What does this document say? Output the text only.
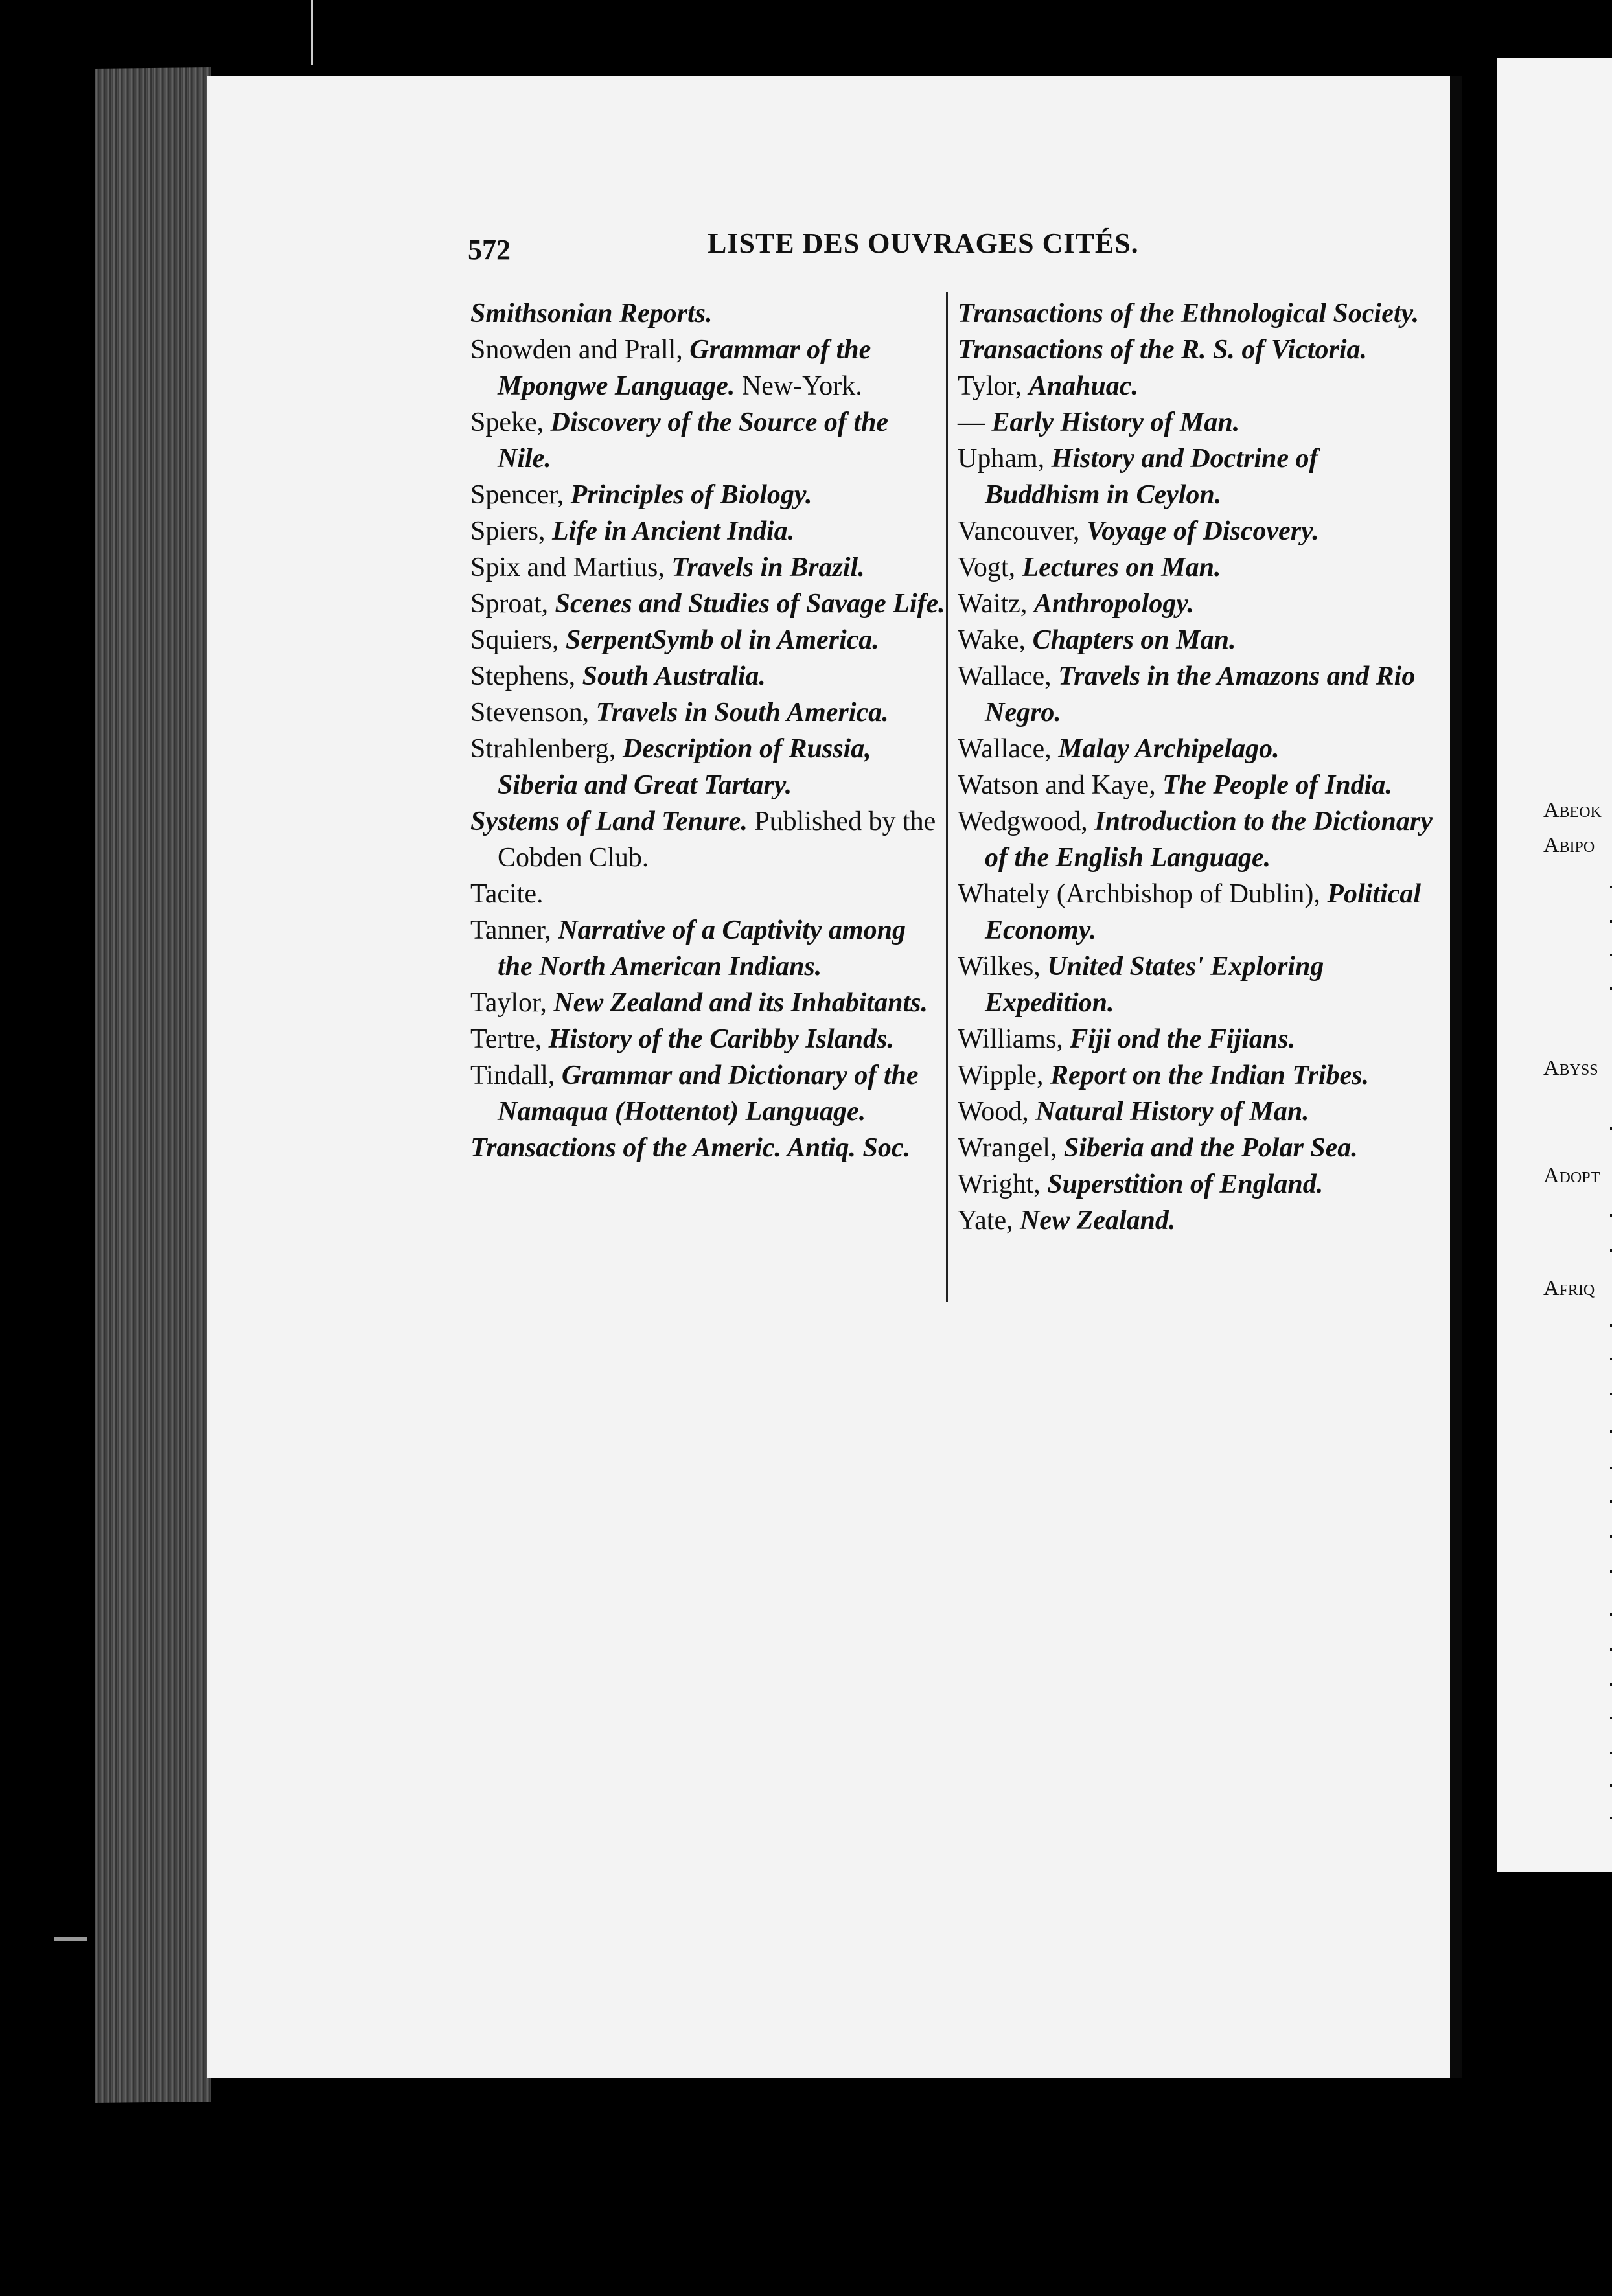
Abeok
Abipo
Abyss
Adopt
Afriq
572	LISTE DES OUVRAGES CITÉS.

Smithsonian Reports.

Snowden and Prall, Grammar of the Mpongwe Language. New-York.

Speke, Discovery of the Source of the Nile.

Spencer, Principles of Biology.

Spiers, Life in Ancient India.

Spix and Martius, Travels in Brazil.

Sproat, Scenes and Studies of Savage Life.

Squiers, SerpentSymb ol in America.

Stephens, South Australia.

Stevenson, Travels in South America.

Strahlenberg, Description of Russia, Siberia and Great Tartary.

Systems of Land Tenure. Published by the Cobden Club.

Tacite.

Tanner, Narrative of a Captivity among the North American Indians.

Taylor, New Zealand and its Inhabitants.

Tertre, History of the Caribby Islands.

Tindall, Grammar and Dictionary of the Namaqua (Hottentot) Language.

Transactions of the Americ. Antiq. Soc.

Transactions of the Ethnological Society.

Transactions of the R. S. of Victoria.

Tylor, Anahuac.

— Early History of Man.

Upham, History and Doctrine of Buddhism in Ceylon.

Vancouver, Voyage of Discovery.

Vogt, Lectures on Man.

Waitz, Anthropology.

Wake, Chapters on Man.

Wallace, Travels in the Amazons and Rio Negro.

Wallace, Malay Archipelago.

Watson and Kaye, The People of India.

Wedgwood, Introduction to the Dictionary of the English Language.

Whately (Archbishop of Dublin), Political Economy.

Wilkes, United States' Exploring Expedition.

Williams, Fiji ond the Fijians.

Wipple, Report on the Indian Tribes.

Wood, Natural History of Man.

Wrangel, Siberia and the Polar Sea.

Wright, Superstition of England.

Yate, New Zealand.
